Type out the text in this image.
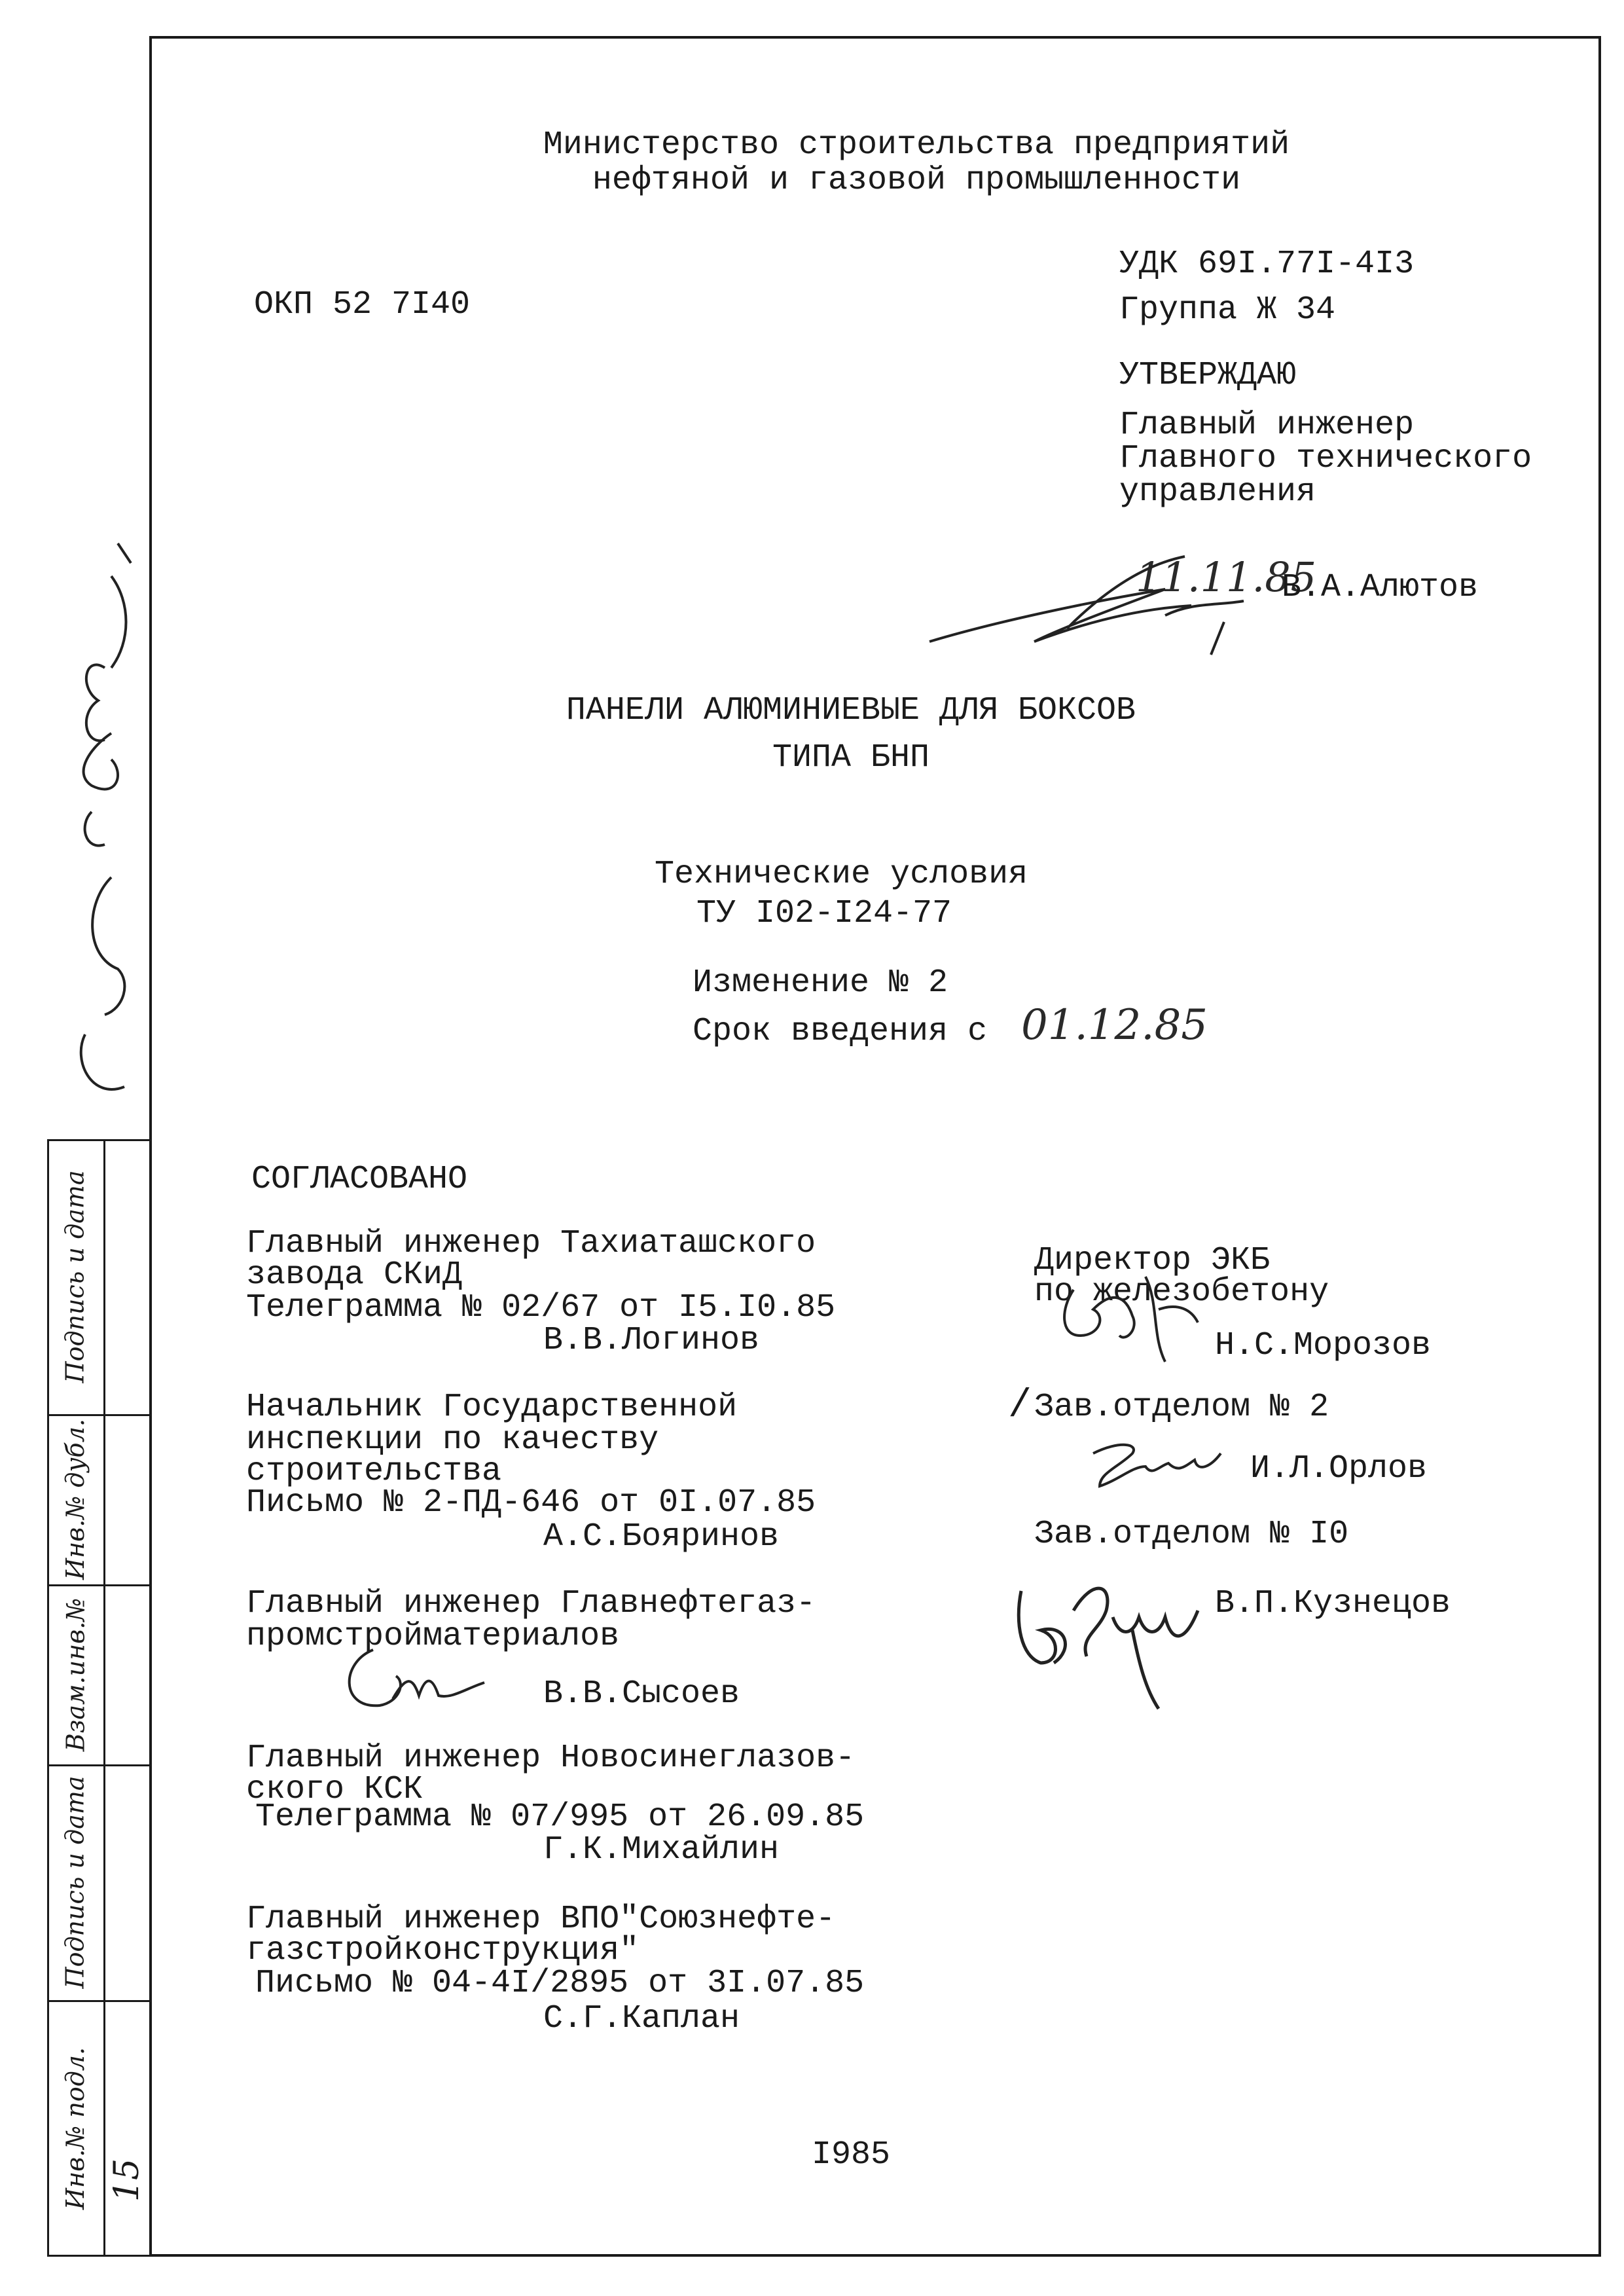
Министерство строительства предприятий
нефтяной и газовой промышленности
ОКП 52 7I40
УДК 69I.77I-4I3
Группа Ж 34
УТВЕРЖДАЮ
Главный инженер
Главного технического
управления
11.11.85
В.А.Алютов
ПАНЕЛИ АЛЮМИНИЕВЫЕ ДЛЯ БОКСОВ
ТИПА БНП
Технические условия
ТУ I02-I24-77
Изменение № 2
Срок введения с 01.12.85
СОГЛАСОВАНО
Главный инженер Тахиаташского
завода СКиД
Телеграмма № 02/67 от I5.I0.85
В.В.Логинов
Начальник Государственной
инспекции по качеству
строительства
Письмо № 2-ПД-646 от 0I.07.85
А.С.Бояринов
Главный инженер Главнефтегаз-
промстройматериалов
В.В.Сысоев
Главный инженер Новосинеглазов-
ского КСК
Телеграмма № 07/995 от 26.09.85
Г.К.Михайлин
Главный инженер ВПО"Союзнефте-
газстройконструкция"
Письмо № 04-4I/2895 от 3I.07.85
С.Г.Каплан
Директор ЭКБ
по железобетону
Н.С.Морозов
/ Зав.отделом № 2
И.Л.Орлов
Зав.отделом № I0
В.П.Кузнецов
I985
Подпись и дата
Инв.№ дубл.
Взам.инв.№
Подпись и дата
Инв.№ подл. 15
